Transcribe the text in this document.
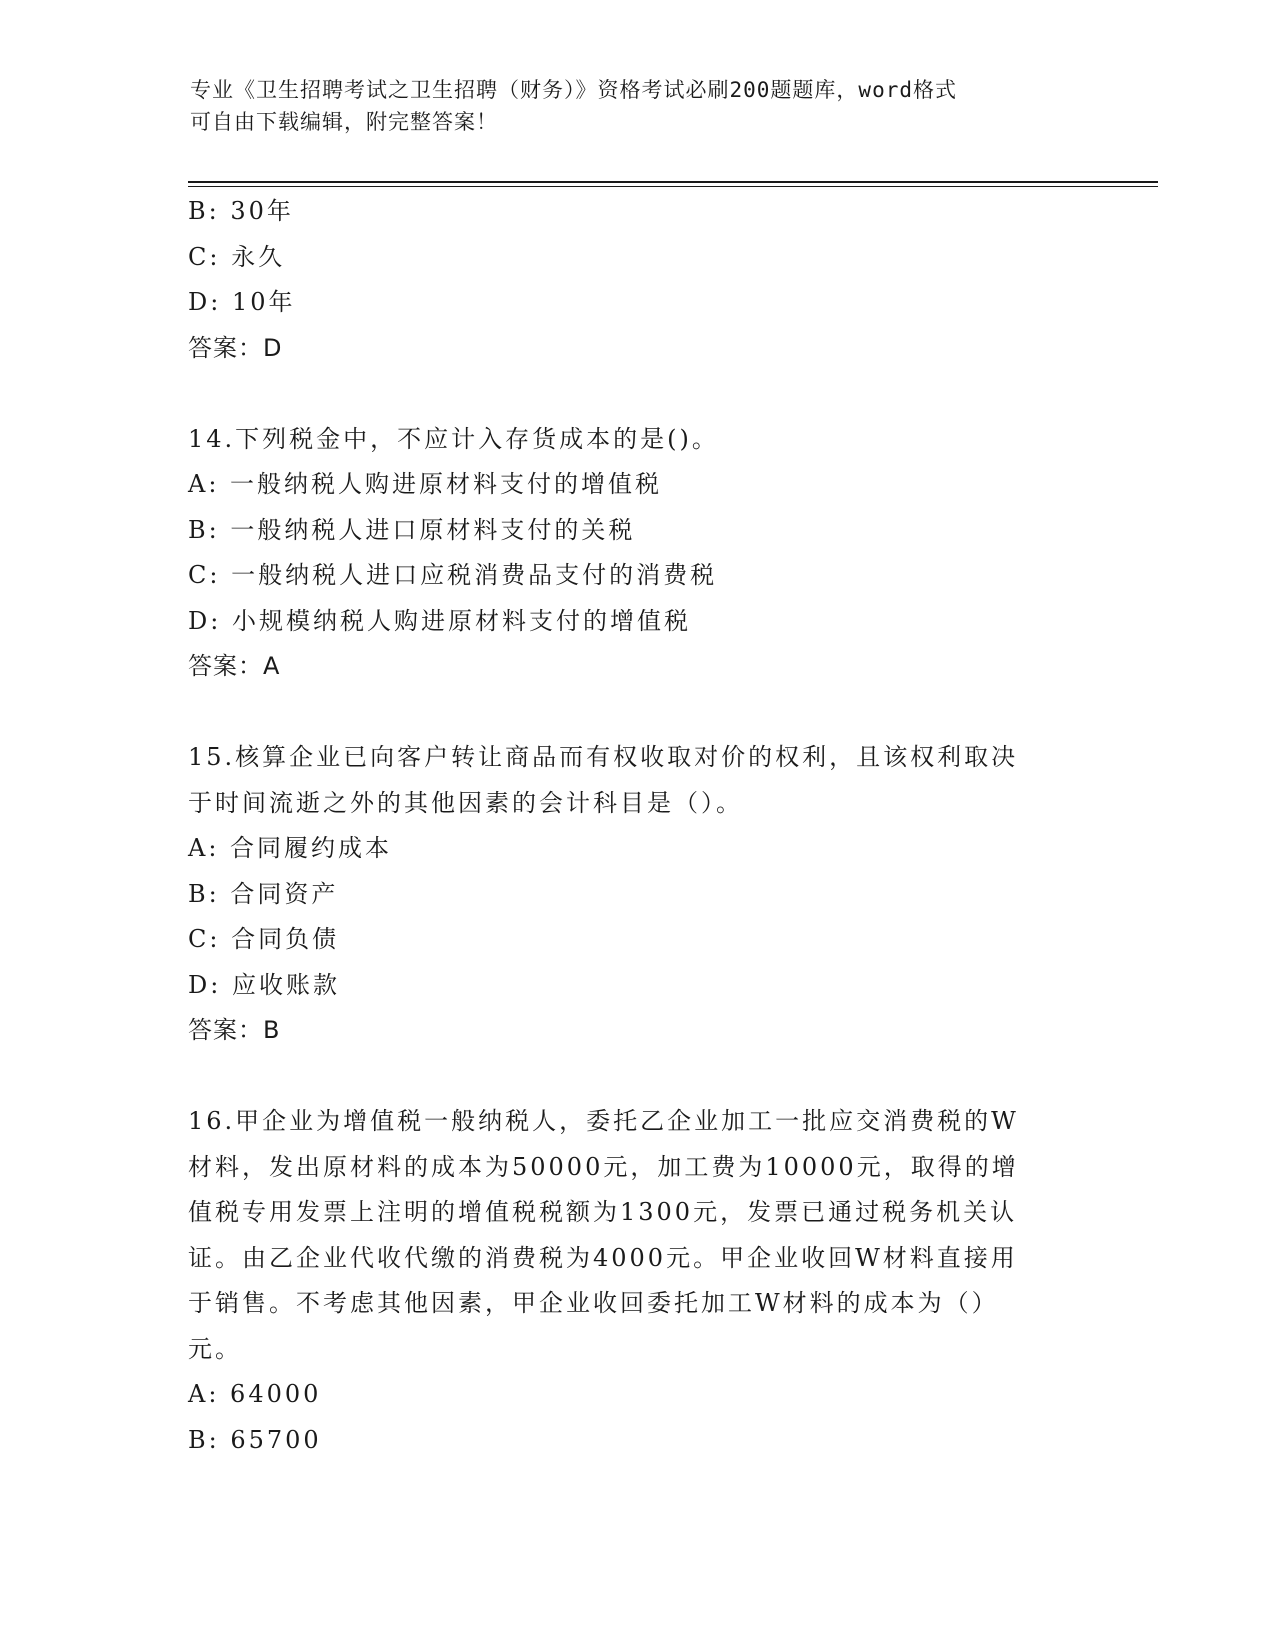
专业《卫生招聘考试之卫生招聘（财务）》资格考试必刷200题题库，word格式
可自由下载编辑，附完整答案！
B: 30年
C: 永久
D: 10年
答案：D
14.下列税金中，不应计入存货成本的是()。
A: 一般纳税人购进原材料支付的增值税
B: 一般纳税人进口原材料支付的关税
C: 一般纳税人进口应税消费品支付的消费税
D: 小规模纳税人购进原材料支付的增值税
答案：A
15.核算企业已向客户转让商品而有权收取对价的权利，且该权利取决
于时间流逝之外的其他因素的会计科目是（）。
A: 合同履约成本
B: 合同资产
C: 合同负债
D: 应收账款
答案：B
16.甲企业为增值税一般纳税人，委托乙企业加工一批应交消费税的W
材料，发出原材料的成本为50000元，加工费为10000元，取得的增
值税专用发票上注明的增值税税额为1300元，发票已通过税务机关认
证。由乙企业代收代缴的消费税为4000元。甲企业收回W材料直接用
于销售。不考虑其他因素，甲企业收回委托加工W材料的成本为（）
元。
A: 64000
B: 65700
